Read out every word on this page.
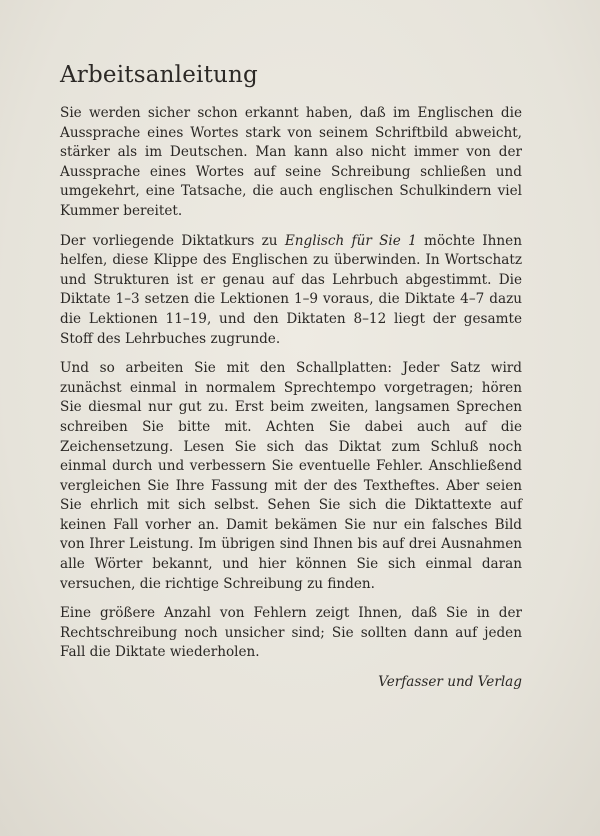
Arbeitsanleitung

Sie werden sicher schon erkannt haben, daß im Englischen die Aussprache eines Wortes stark von seinem Schriftbild abweicht, stärker als im Deutschen. Man kann also nicht immer von der Aussprache eines Wortes auf seine Schreibung schließen und umgekehrt, eine Tatsache, die auch englischen Schulkindern viel Kummer bereitet.

Der vorliegende Diktatkurs zu Englisch für Sie 1 möchte Ihnen helfen, diese Klippe des Englischen zu überwinden. In Wortschatz und Strukturen ist er genau auf das Lehrbuch abgestimmt. Die Diktate 1–3 setzen die Lektionen 1–9 voraus, die Diktate 4–7 dazu die Lektionen 11–19, und den Diktaten 8–12 liegt der gesamte Stoff des Lehrbuches zugrunde.

Und so arbeiten Sie mit den Schallplatten: Jeder Satz wird zunächst einmal in normalem Sprechtempo vorgetragen; hören Sie diesmal nur gut zu. Erst beim zweiten, langsamen Sprechen schreiben Sie bitte mit. Achten Sie dabei auch auf die Zeichensetzung. Lesen Sie sich das Diktat zum Schluß noch einmal durch und verbessern Sie eventuelle Fehler. Anschließend vergleichen Sie Ihre Fassung mit der des Textheftes. Aber seien Sie ehrlich mit sich selbst. Sehen Sie sich die Diktattexte auf keinen Fall vorher an. Damit bekämen Sie nur ein falsches Bild von Ihrer Leistung. Im übrigen sind Ihnen bis auf drei Ausnahmen alle Wörter bekannt, und hier können Sie sich einmal daran versuchen, die richtige Schreibung zu finden.

Eine größere Anzahl von Fehlern zeigt Ihnen, daß Sie in der Rechtschreibung noch unsicher sind; Sie sollten dann auf jeden Fall die Diktate wiederholen.

Verfasser und Verlag
